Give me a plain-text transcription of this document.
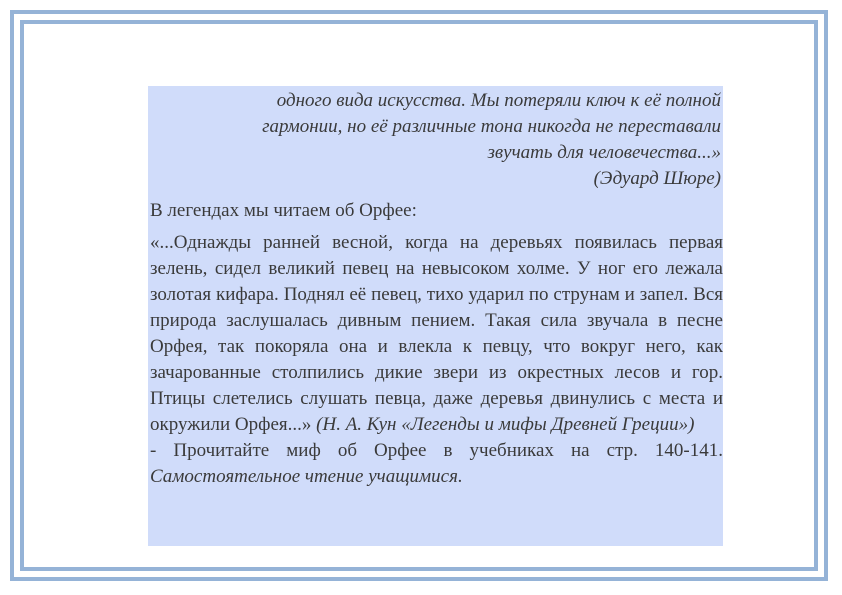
одного вида искусства. Мы потеряли ключ к её полной
гармонии, но её различные тона никогда не переставали
звучать для человечества...»
(Эдуард Шюре)
В легендах мы читаем об Орфее:
«...Однажды ранней весной, когда на деревьях появилась первая зелень, сидел великий певец на невысоком холме. У ног его лежала золотая кифара. Поднял её певец, тихо ударил по струнам и запел. Вся природа заслушалась дивным пением. Такая сила звучала в песне Орфея, так покоряла она и влекла к певцу, что вокруг него, как зачарованные столпились дикие звери из окрестных лесов и гор. Птицы слетелись слушать певца, даже деревья двинулись с места и окружили Орфея...» (Н. А. Кун «Легенды и мифы Древней Греции»)
- Прочитайте миф об Орфее в учебниках на стр. 140-141. Самостоятельное чтение учащимися.
